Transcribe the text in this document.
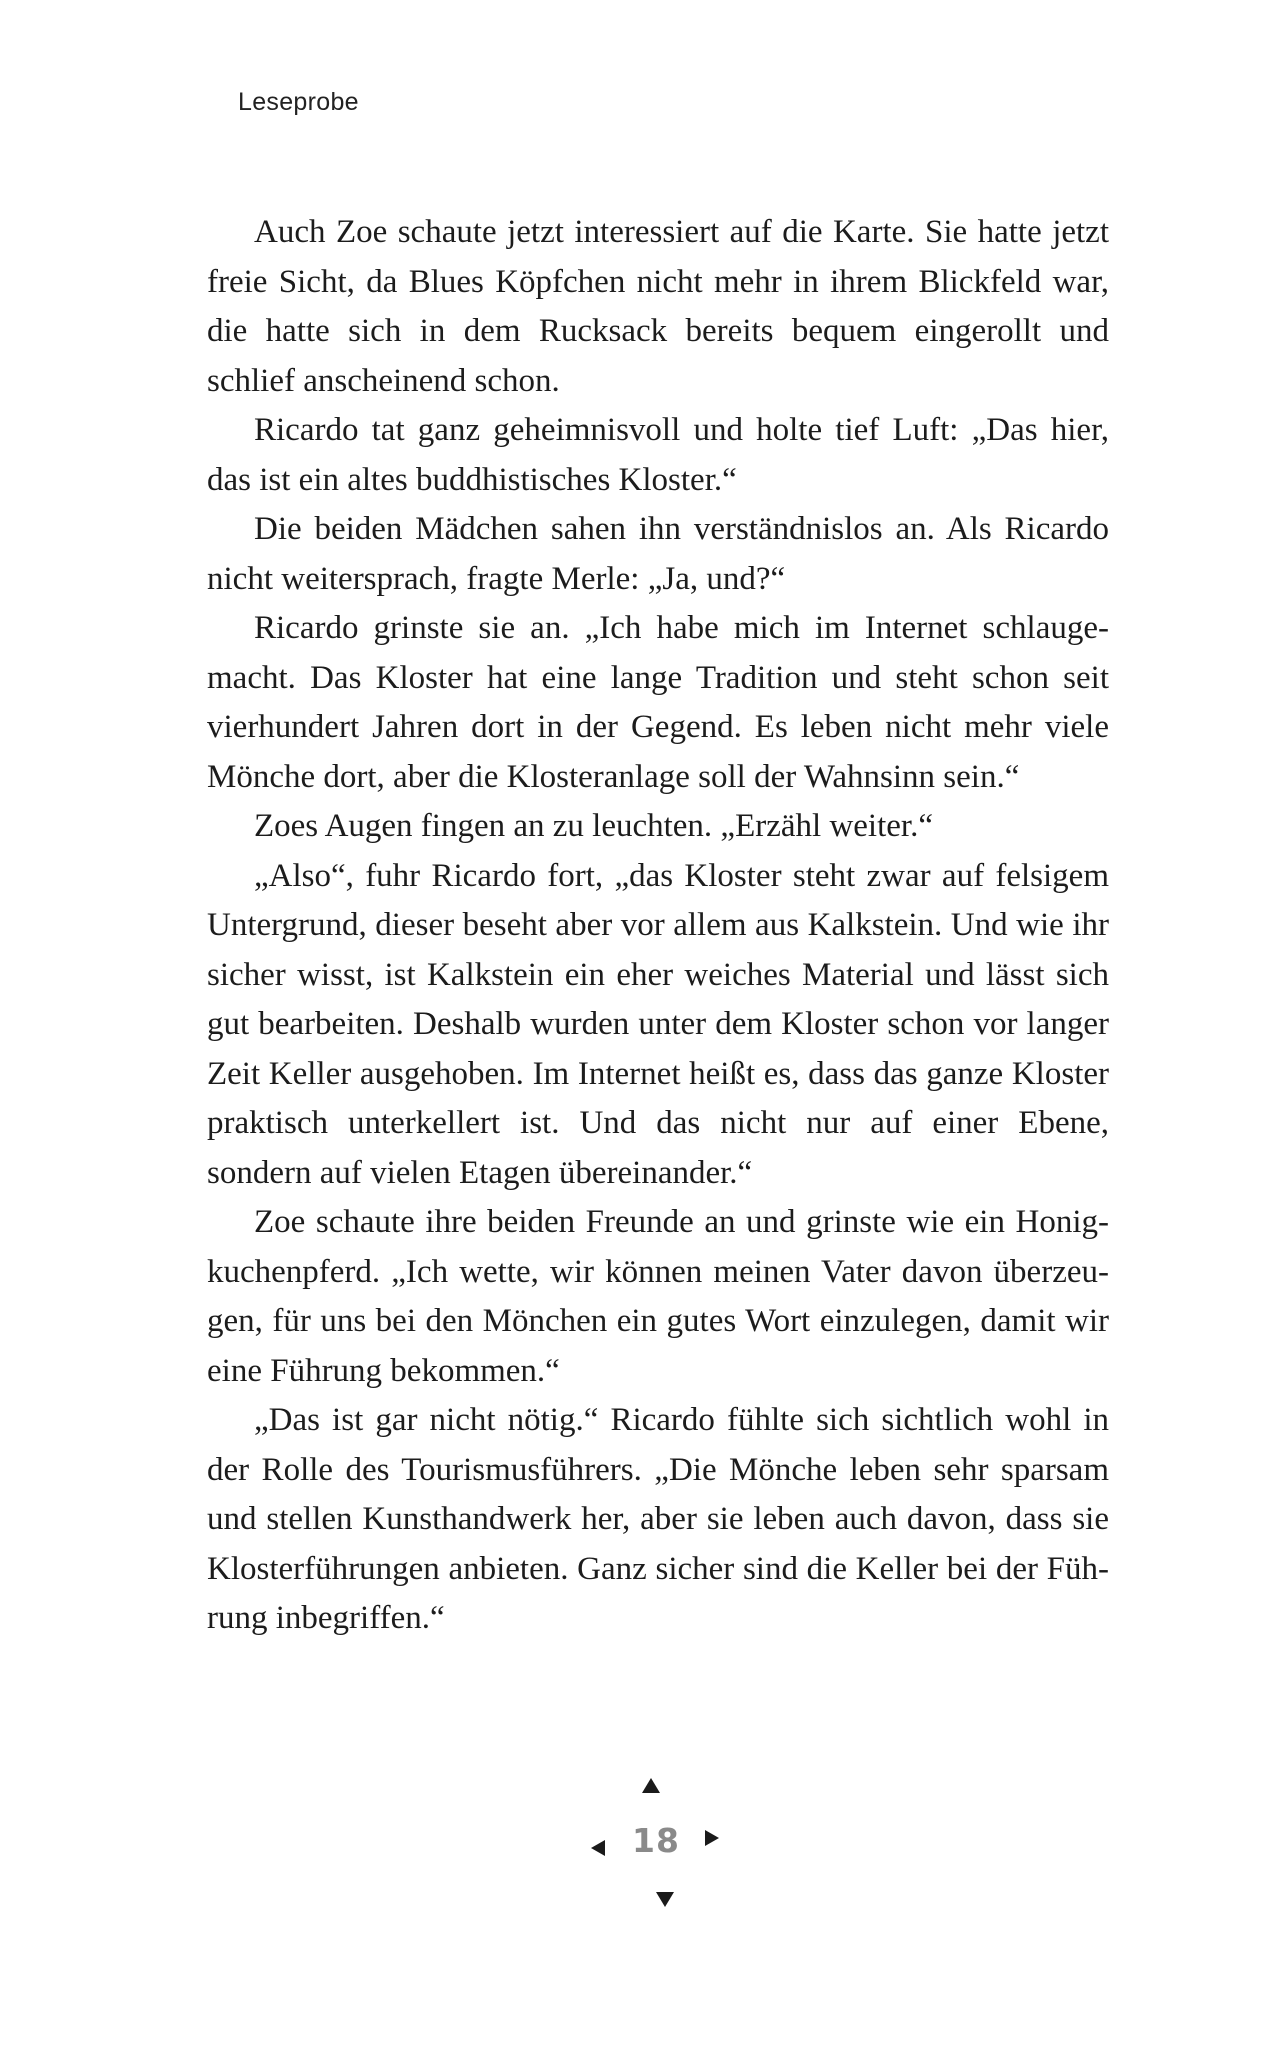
Leseprobe

Auch Zoe schaute jetzt interessiert auf die Karte. Sie hatte jetzt freie Sicht, da Blues Köpfchen nicht mehr in ihrem Blickfeld war, die hatte sich in dem Rucksack bereits bequem eingerollt und schlief anscheinend schon.

Ricardo tat ganz geheimnisvoll und holte tief Luft: „Das hier, das ist ein altes buddhistisches Kloster.“

Die beiden Mädchen sahen ihn verständnislos an. Als Ricardo nicht weitersprach, fragte Merle: „Ja, und?“

Ricardo grinste sie an. „Ich habe mich im Internet schlaugemacht. Das Kloster hat eine lange Tradition und steht schon seit vierhundert Jahren dort in der Gegend. Es leben nicht mehr viele Mönche dort, aber die Klosteranlage soll der Wahnsinn sein.“

Zoes Augen fingen an zu leuchten. „Erzähl weiter.“

„Also“, fuhr Ricardo fort, „das Kloster steht zwar auf felsigem Untergrund, dieser beseht aber vor allem aus Kalkstein. Und wie ihr sicher wisst, ist Kalkstein ein eher weiches Material und lässt sich gut bearbeiten. Deshalb wurden unter dem Kloster schon vor langer Zeit Keller ausgehoben. Im Internet heißt es, dass das ganze Kloster praktisch unterkellert ist. Und das nicht nur auf einer Ebene, sondern auf vielen Etagen übereinander.“

Zoe schaute ihre beiden Freunde an und grinste wie ein Honigkuchenpferd. „Ich wette, wir können meinen Vater davon überzeugen, für uns bei den Mönchen ein gutes Wort einzulegen, damit wir eine Führung bekommen.“

„Das ist gar nicht nötig.“ Ricardo fühlte sich sichtlich wohl in der Rolle des Tourismusführers. „Die Mönche leben sehr sparsam und stellen Kunsthandwerk her, aber sie leben auch davon, dass sie Klosterführungen anbieten. Ganz sicher sind die Keller bei der Führung inbegriffen.“

18
